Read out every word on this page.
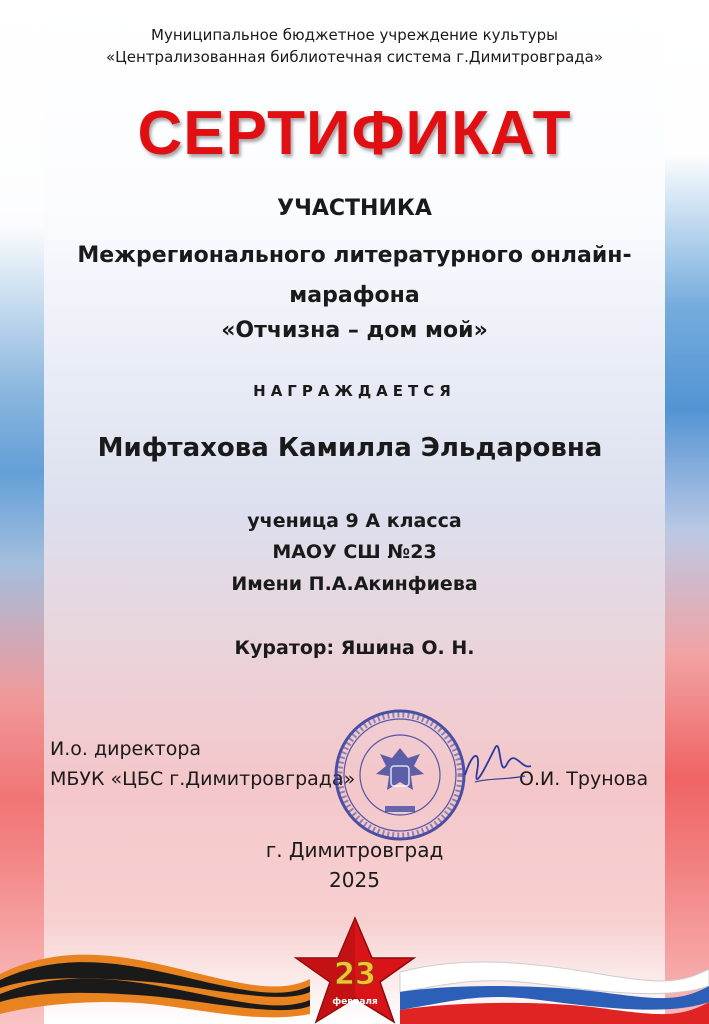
Муниципальное бюджетное учреждение культуры

«Централизованная библиотечная система г.Димитровграда»

СЕРТИФИКАТ

УЧАСТНИКА

Межрегионального литературного онлайн-

марафона

«Отчизна – дом мой»

НАГРАЖДАЕТСЯ

Мифтахова Камилла Эльдаровна

ученица 9 А класса

МАОУ СШ №23

Имени П.А.Акинфиева

Куратор: Яшина О. Н.

И.о. директора
МБУК «ЦБС г.Димитровграда»	О.И. Трунова

г. Димитровград

2025

23
февраля
